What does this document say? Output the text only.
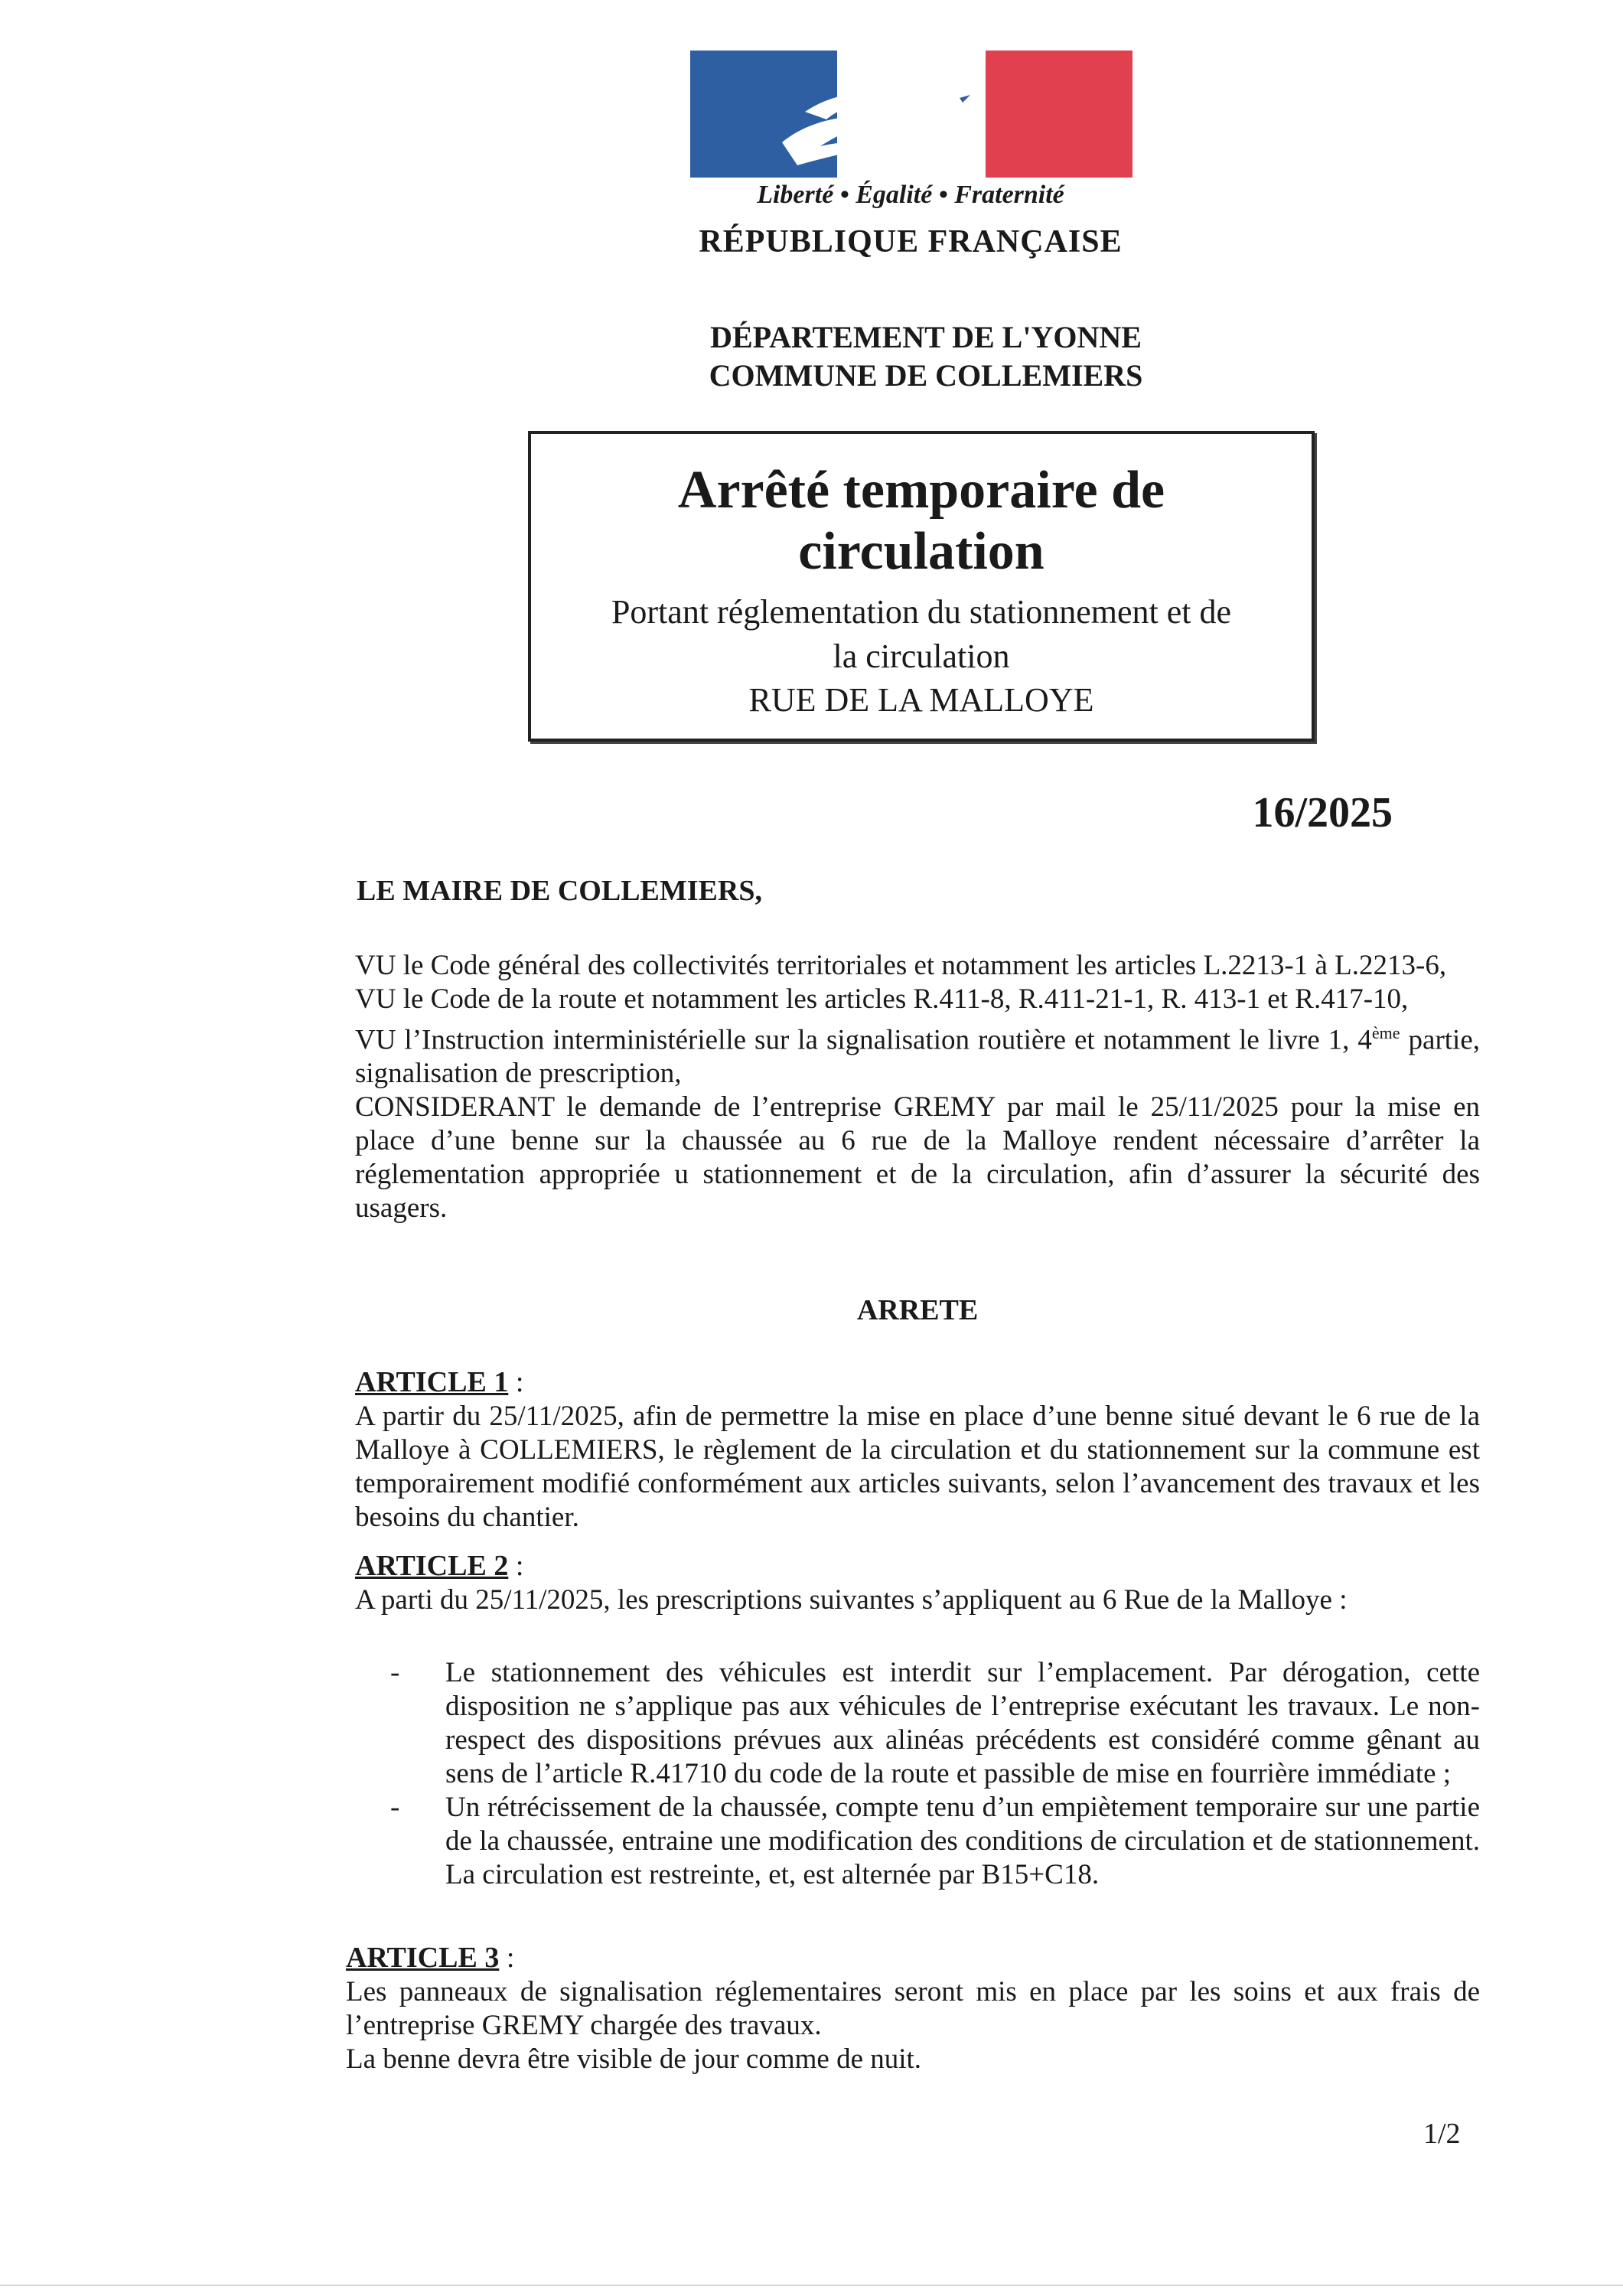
Liberté • Égalité • Fraternité
RÉPUBLIQUE FRANÇAISE
DÉPARTEMENT DE L'YONNE
COMMUNE DE COLLEMIERS
Arrêté temporaire de
circulation
Portant réglementation du stationnement et de
la circulation
RUE DE LA MALLOYE
16/2025
LE MAIRE DE COLLEMIERS,

VU le Code général des collectivités territoriales et notamment les articles L.2213-1 à L.2213-6,

VU le Code de la route et notamment les articles R.411-8, R.411-21-1, R. 413-1 et R.417-10,

VU l’Instruction interministérielle sur la signalisation routière et notamment le livre 1, 4ème partie, signalisation de prescription,

CONSIDERANT le demande de l’entreprise GREMY par mail le 25/11/2025 pour la mise en place d’une benne sur la chaussée au 6 rue de la Malloye rendent nécessaire d’arrêter la réglementation appropriée u stationnement et de la circulation, afin d’assurer la sécurité des usagers.

ARRETE

ARTICLE 1 :

A partir du 25/11/2025, afin de permettre la mise en place d’une benne situé devant le 6 rue de la Malloye à COLLEMIERS, le règlement de la circulation et du stationnement sur la commune est temporairement modifié conformément aux articles suivants, selon l’avancement des travaux et les besoins du chantier.

ARTICLE 2 :

A parti du 25/11/2025, les prescriptions suivantes s’appliquent au 6 Rue de la Malloye :

- Le stationnement des véhicules est interdit sur l’emplacement. Par dérogation, cette disposition ne s’applique pas aux véhicules de l’entreprise exécutant les travaux. Le non-respect des dispositions prévues aux alinéas précédents est considéré comme gênant au sens de l’article R.41710 du code de la route et passible de mise en fourrière immédiate ;
- Un rétrécissement de la chaussée, compte tenu d’un empiètement temporaire sur une partie de la chaussée, entraine une modification des conditions de circulation et de stationnement. La circulation est restreinte, et, est alternée par B15+C18.

ARTICLE 3 :

Les panneaux de signalisation réglementaires seront mis en place par les soins et aux frais de l’entreprise GREMY chargée des travaux.

La benne devra être visible de jour comme de nuit.

1/2
